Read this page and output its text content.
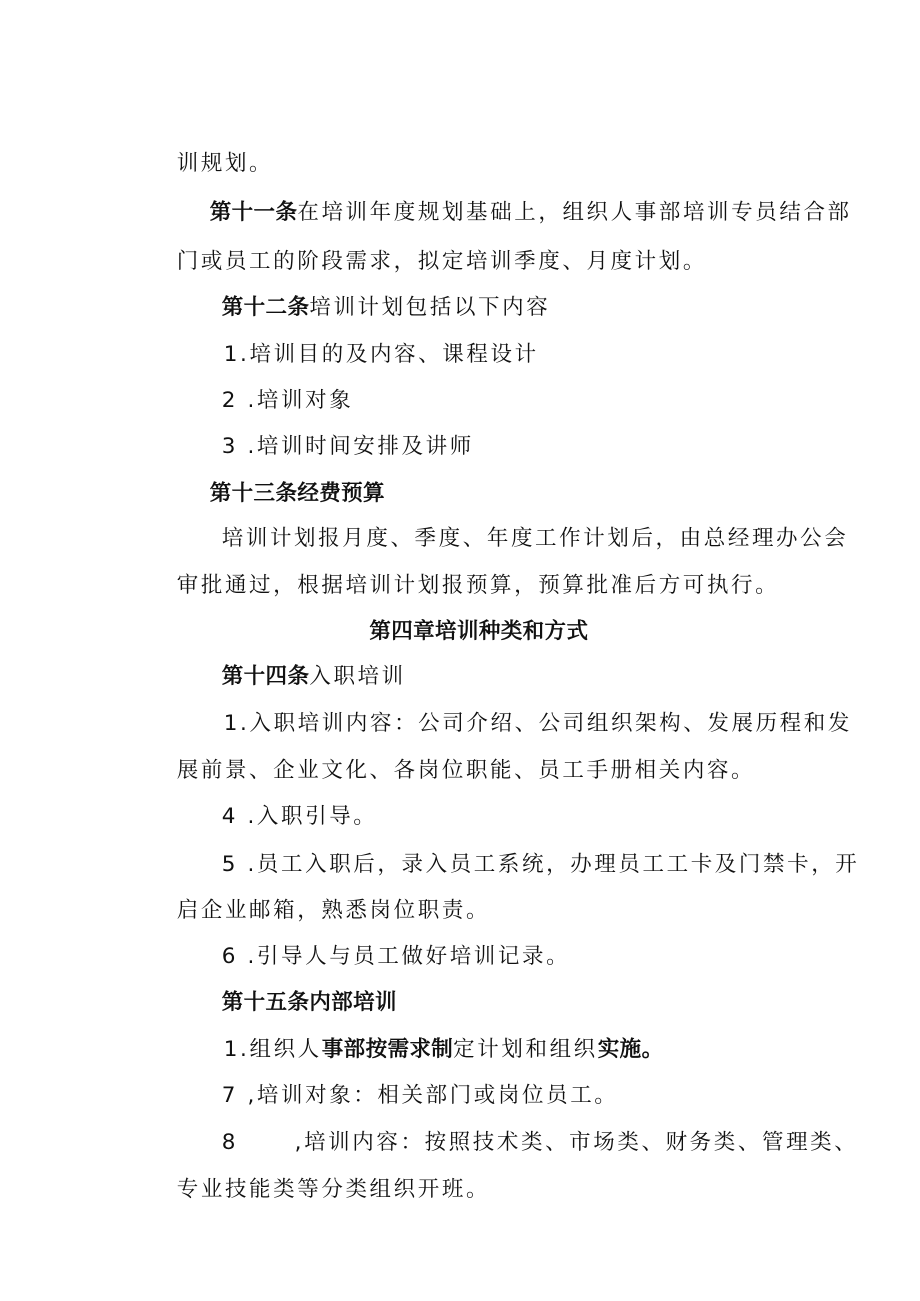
训规划。

第十一条在培训年度规划基础上，组织人事部培训专员结合部

门或员工的阶段需求，拟定培训季度、月度计划。

第十二条培训计划包括以下内容

1.培训目的及内容、课程设计

2 .培训对象

3 .培训时间安排及讲师

第十三条经费预算

培训计划报月度、季度、年度工作计划后，由总经理办公会

审批通过，根据培训计划报预算，预算批准后方可执行。

第四章培训种类和方式

第十四条入职培训

1.入职培训内容：公司介绍、公司组织架构、发展历程和发

展前景、企业文化、各岗位职能、员工手册相关内容。

4 .入职引导。

5 .员工入职后，录入员工系统，办理员工工卡及门禁卡，开

启企业邮箱，熟悉岗位职责。

6 .引导人与员工做好培训记录。

第十五条内部培训

1.组织人事部按需求制定计划和组织实施。

7 ,培训对象：相关部门或岗位员工。

8      ,培训内容：按照技术类、市场类、财务类、管理类、

专业技能类等分类组织开班。
